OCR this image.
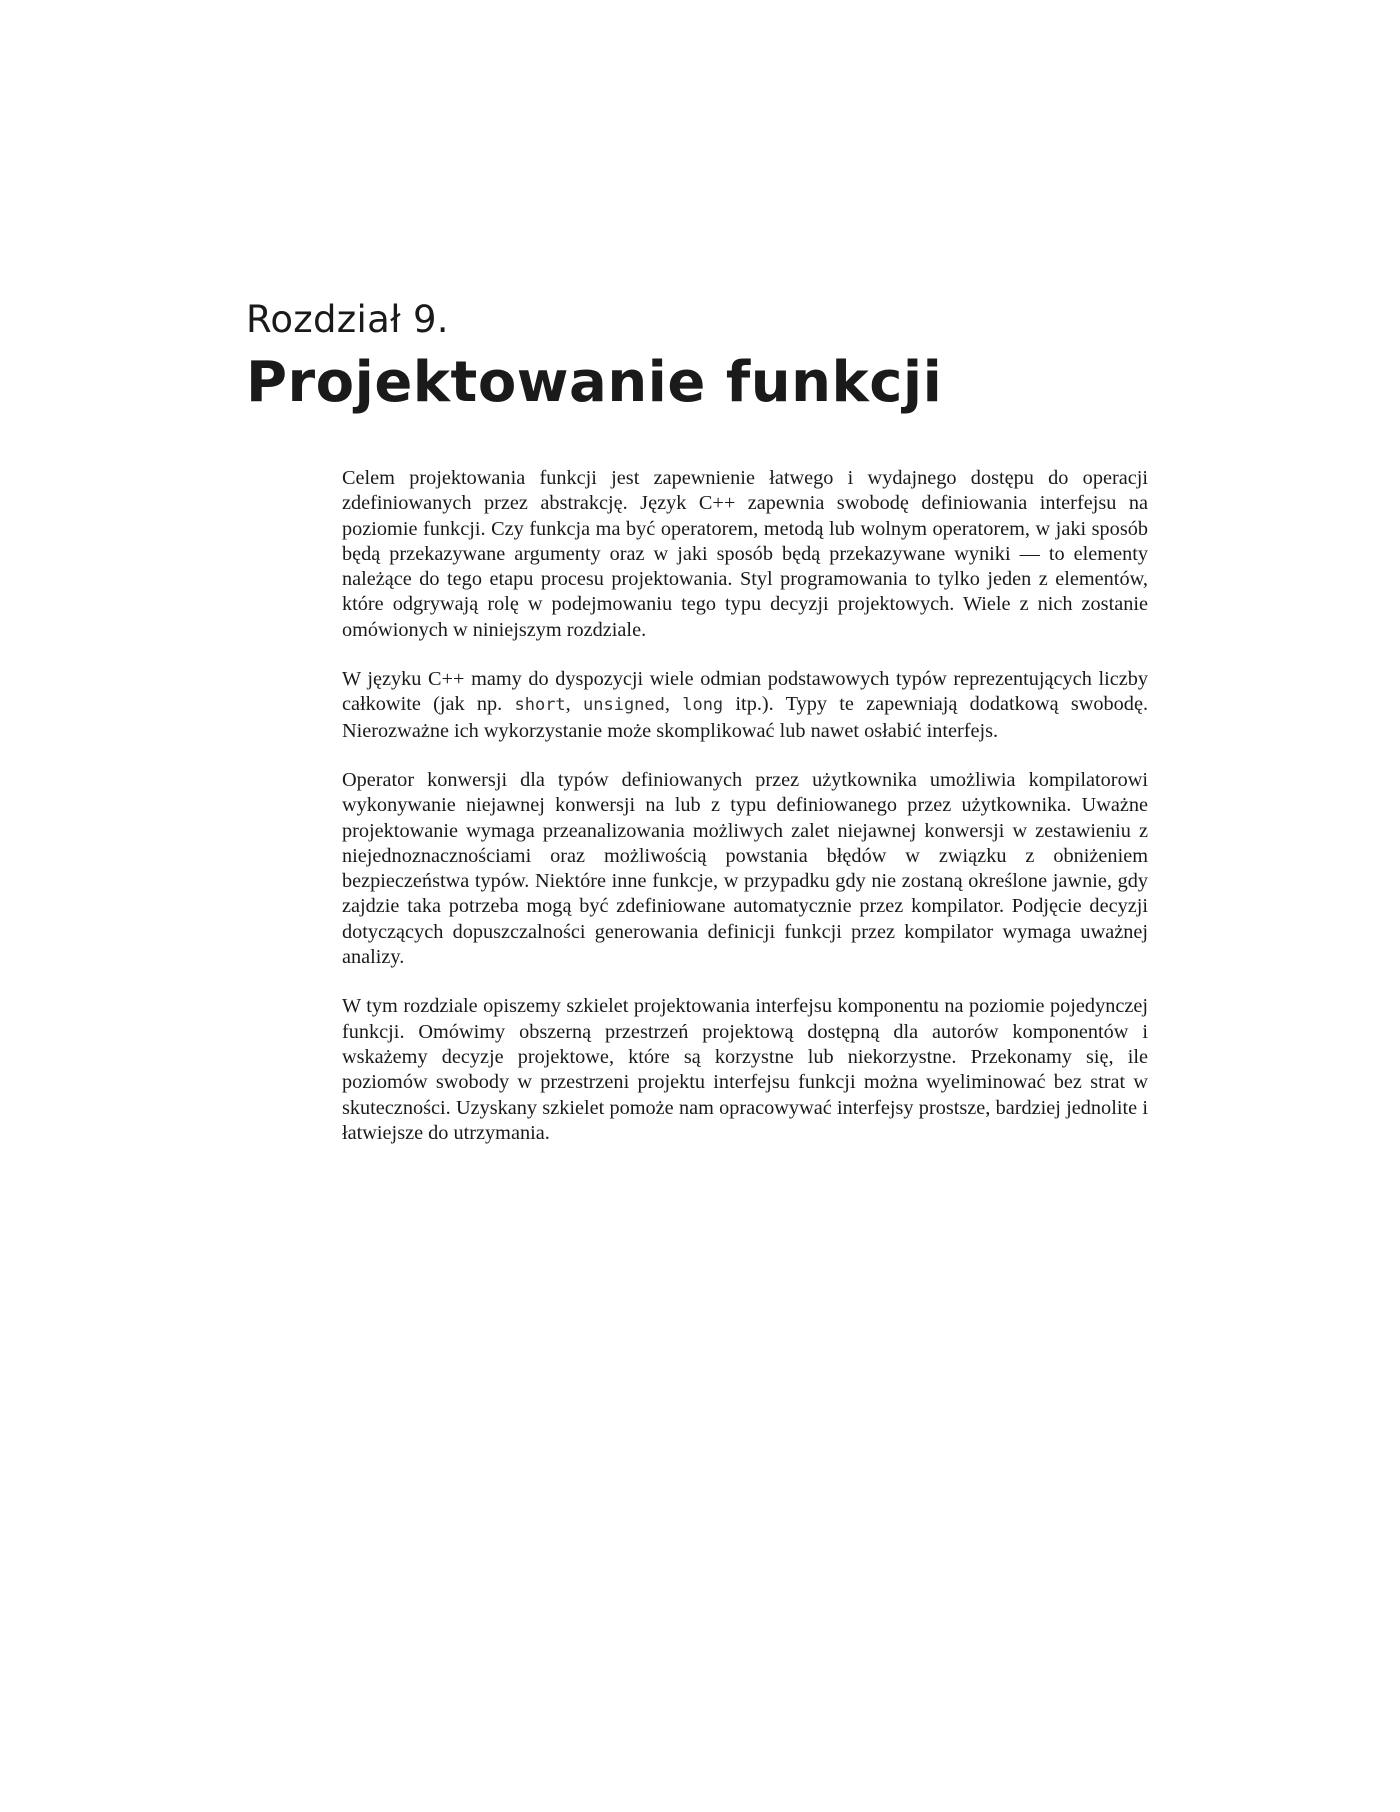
Rozdział 9.
Projektowanie funkcji

Celem projektowania funkcji jest zapewnienie łatwego i wydajnego dostępu do operacji zdefiniowanych przez abstrakcję. Język C++ zapewnia swobodę definiowania interfejsu na poziomie funkcji. Czy funkcja ma być operatorem, metodą lub wolnym operatorem, w jaki sposób będą przekazywane argumenty oraz w jaki sposób będą przekazywane wyniki — to elementy należące do tego etapu procesu projektowania. Styl programowania to tylko jeden z elementów, które odgrywają rolę w podejmowaniu tego typu decyzji projektowych. Wiele z nich zostanie omówionych w niniejszym rozdziale.

W języku C++ mamy do dyspozycji wiele odmian podstawowych typów reprezentujących liczby całkowite (jak np. short, unsigned, long itp.). Typy te zapewniają dodatkową swobodę. Nierozważne ich wykorzystanie może skomplikować lub nawet osłabić interfejs.

Operator konwersji dla typów definiowanych przez użytkownika umożliwia kompilatorowi wykonywanie niejawnej konwersji na lub z typu definiowanego przez użytkownika. Uważne projektowanie wymaga przeanalizowania możliwych zalet niejawnej konwersji w zestawieniu z niejednoznacznościami oraz możliwością powstania błędów w związku z obniżeniem bezpieczeństwa typów. Niektóre inne funkcje, w przypadku gdy nie zostaną określone jawnie, gdy zajdzie taka potrzeba mogą być zdefiniowane automatycznie przez kompilator. Podjęcie decyzji dotyczących dopuszczalności generowania definicji funkcji przez kompilator wymaga uważnej analizy.

W tym rozdziale opiszemy szkielet projektowania interfejsu komponentu na poziomie pojedynczej funkcji. Omówimy obszerną przestrzeń projektową dostępną dla autorów komponentów i wskażemy decyzje projektowe, które są korzystne lub niekorzystne. Przekonamy się, ile poziomów swobody w przestrzeni projektu interfejsu funkcji można wyeliminować bez strat w skuteczności. Uzyskany szkielet pomoże nam opracowywać interfejsy prostsze, bardziej jednolite i łatwiejsze do utrzymania.
